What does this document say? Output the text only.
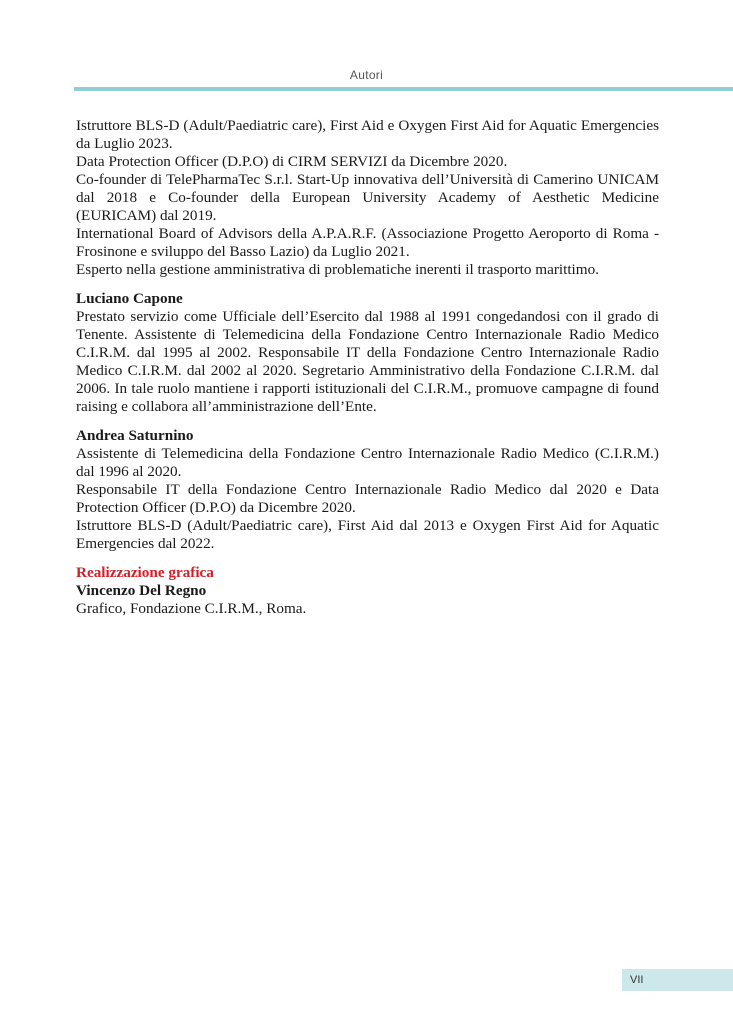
Autori

Istruttore BLS-D (Adult/Paediatric care), First Aid e Oxygen First Aid for Aquatic Emergencies da Luglio 2023.

Data Protection Officer (D.P.O) di CIRM SERVIZI da Dicembre 2020.

Co-founder di TelePharmaTec S.r.l. Start-Up innovativa dell’Università di Camerino UNICAM dal 2018 e Co-founder della European University Academy of Aesthetic Medicine (EURICAM) dal 2019.

International Board of Advisors della A.P.A.R.F. (Associazione Progetto Aeroporto di Roma - Frosinone e sviluppo del Basso Lazio) da Luglio 2021.

Esperto nella gestione amministrativa di problematiche inerenti il trasporto marittimo.

Luciano Capone

Prestato servizio come Ufficiale dell’Esercito dal 1988 al 1991 congedandosi con il grado di Tenente. Assistente di Telemedicina della Fondazione Centro Internazionale Radio Medico C.I.R.M. dal 1995 al 2002. Responsabile IT della Fondazione Centro Internazionale Radio Medico C.I.R.M. dal 2002 al 2020. Segretario Amministrativo della Fondazione C.I.R.M. dal 2006. In tale ruolo mantiene i rapporti istituzionali del C.I.R.M., promuove campagne di found raising e collabora all’amministrazione dell’Ente.

Andrea Saturnino

Assistente di Telemedicina della Fondazione Centro Internazionale Radio Medico (C.I.R.M.) dal 1996 al 2020.

Responsabile IT della Fondazione Centro Internazionale Radio Medico dal 2020 e Data Protection Officer (D.P.O) da Dicembre 2020.

Istruttore BLS-D (Adult/Paediatric care), First Aid dal 2013 e Oxygen First Aid for Aquatic Emergencies dal 2022.

Realizzazione grafica

Vincenzo Del Regno

Grafico, Fondazione C.I.R.M., Roma.

VII
